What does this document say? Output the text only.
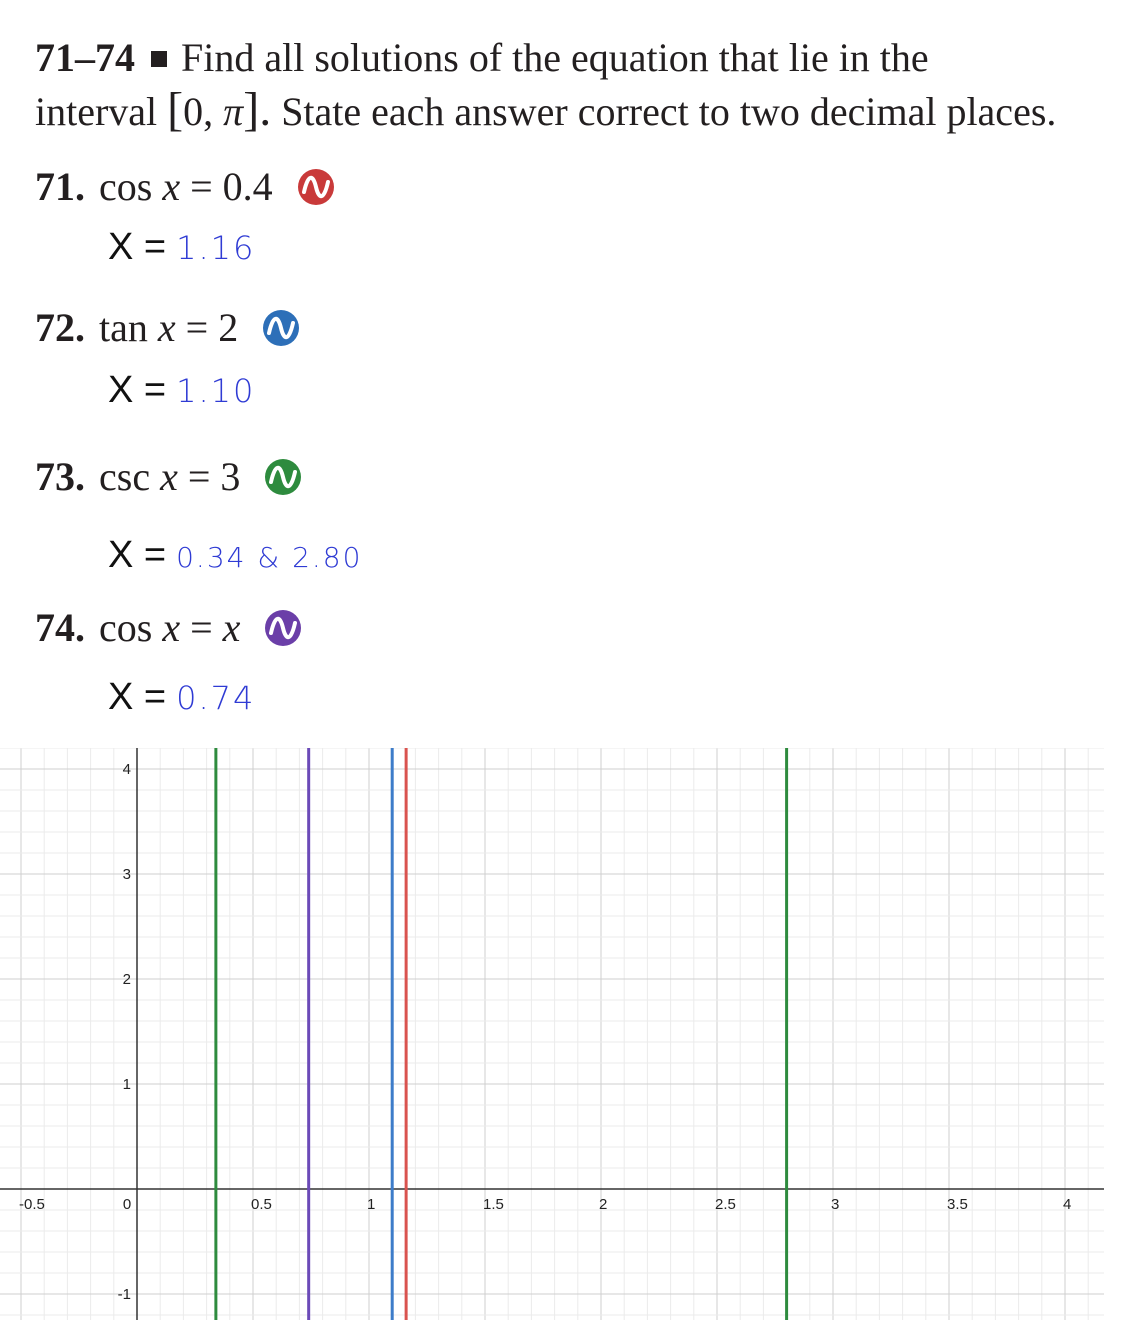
71–74 Find all solutions of the equation that lie in the
interval [0, π]. State each answer correct to two decimal places.
71. cos x = 0.4
X = 1.16
72. tan x = 2
X = 1.10
73. csc x = 3
X = 0.34 & 2.80
74. cos x = x
X = 0.74
-0.5	0	0.5	1	1.5	2	2.5	3	3.5	4
4
3
2
1
-1
